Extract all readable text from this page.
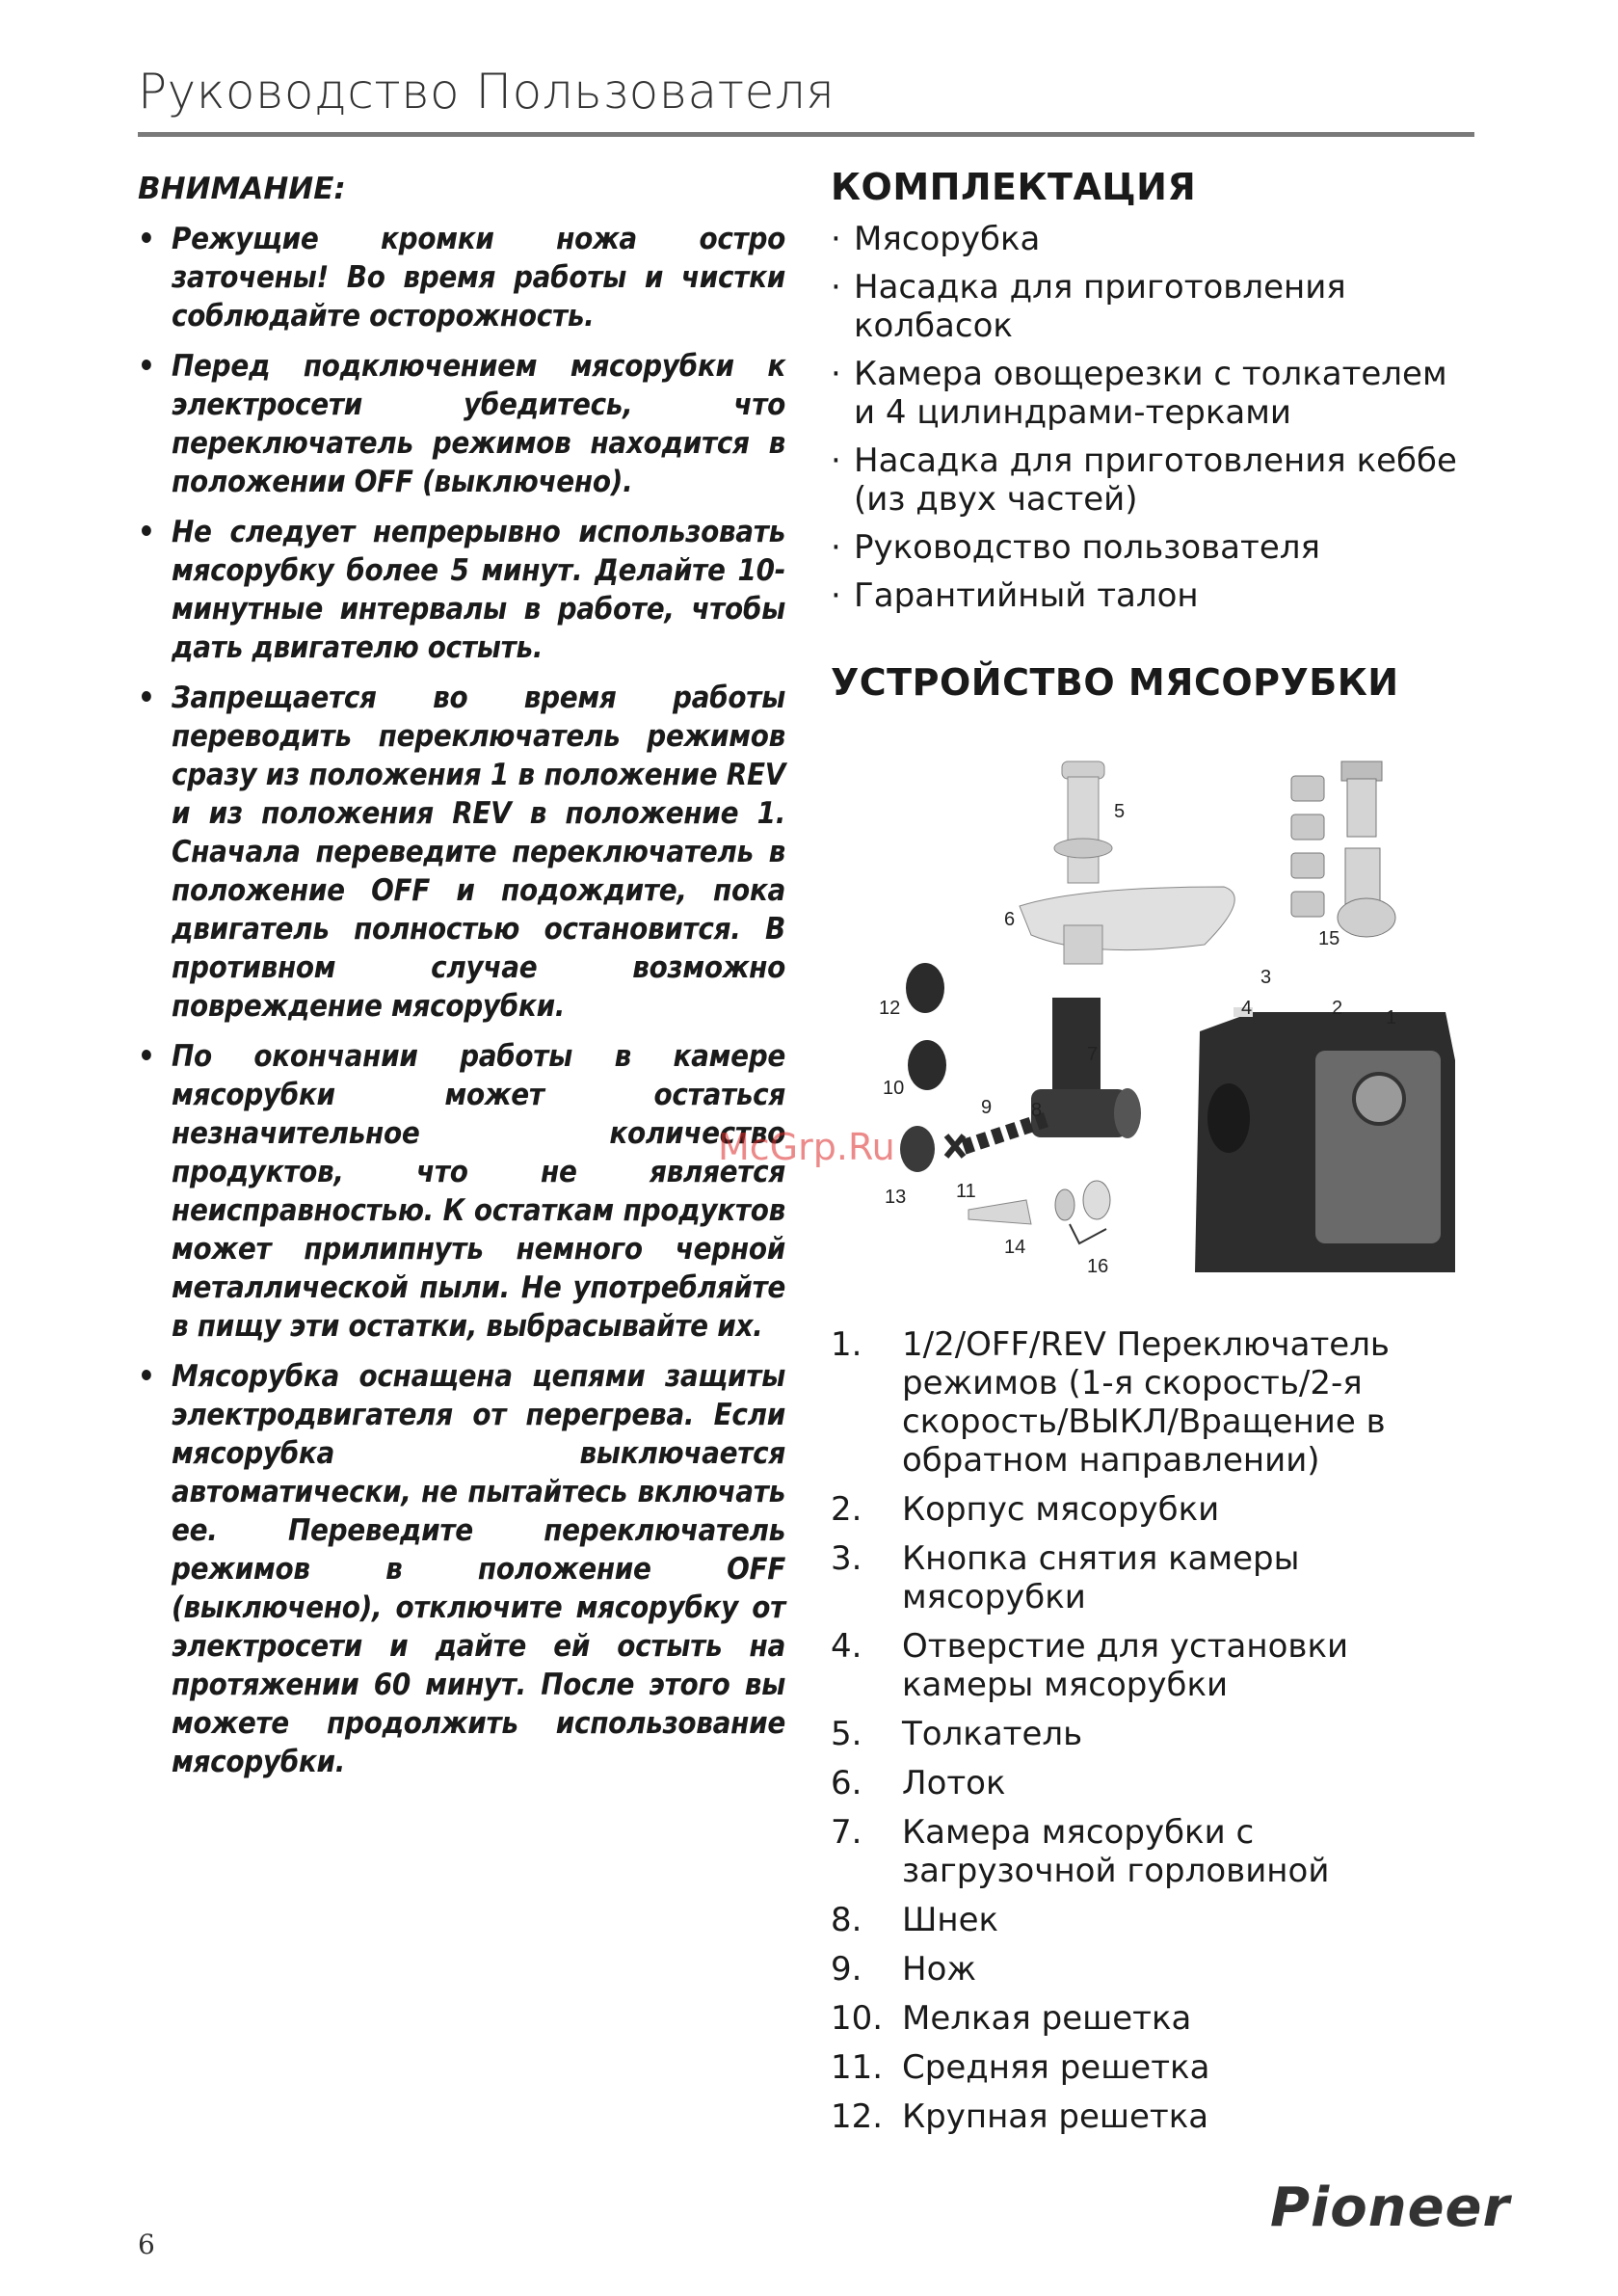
Руководство Пользователя
ВНИМАНИЕ:
• Режущие кромки ножа остро заточены! Во время работы и чистки соблюдайте осторожность.
• Перед подключением мясорубки к электросети убедитесь, что переключатель режимов находится в положении OFF (выключено).
• Не следует непрерывно использовать мясорубку более 5 минут. Делайте 10-минутные интервалы в работе, чтобы дать двигателю остыть.
• Запрещается во время работы переводить переключатель режимов сразу из положения 1 в положение REV и из положения REV в положение 1. Сначала переведите переключатель в положение OFF и подождите, пока двигатель полностью остановится. В противном случае возможно повреждение мясорубки.
• По окончании работы в камере мясорубки может остаться незначительное количество продуктов, что не является неисправностью. К остаткам продуктов может прилипнуть немного черной металлической пыли. Не употребляйте в пищу эти остатки, выбрасывайте их.
• Мясорубка оснащена цепями защиты электродвигателя от перегрева. Если мясорубка выключается автоматически, не пытайтесь включать ее. Переведите переключатель режимов в положение OFF (выключено), отключите мясорубку от электросети и дайте ей остыть на протяжении 60 минут. После этого вы можете продолжить использование мясорубки.
КОМПЛЕКТАЦИЯ
· Мясорубка
· Насадка для приготовления колбасок
· Камера овощерезки с толкателем и 4 цилиндрами-терками
· Насадка для приготовления кеббе (из двух частей)
· Руководство пользователя
· Гарантийный талон
УСТРОЙСТВО МЯСОРУБКИ
5
6
12
7
10
9 8
13	11
14
16
15
3
4	2 1
McGrp.Ru
1. 1/2/OFF/REV Переключатель режимов (1-я скорость/2-я скорость/ВЫКЛ/Вращение в обратном направлении)
2. Корпус мясорубки
3. Кнопка снятия камеры мясорубки
4. Отверстие для установки камеры мясорубки
5. Толкатель
6. Лоток
7. Камера мясорубки с загрузочной горловиной
8. Шнек
9. Нож
10. Мелкая решетка
11. Средняя решетка
12. Крупная решетка
6
Pioneer
